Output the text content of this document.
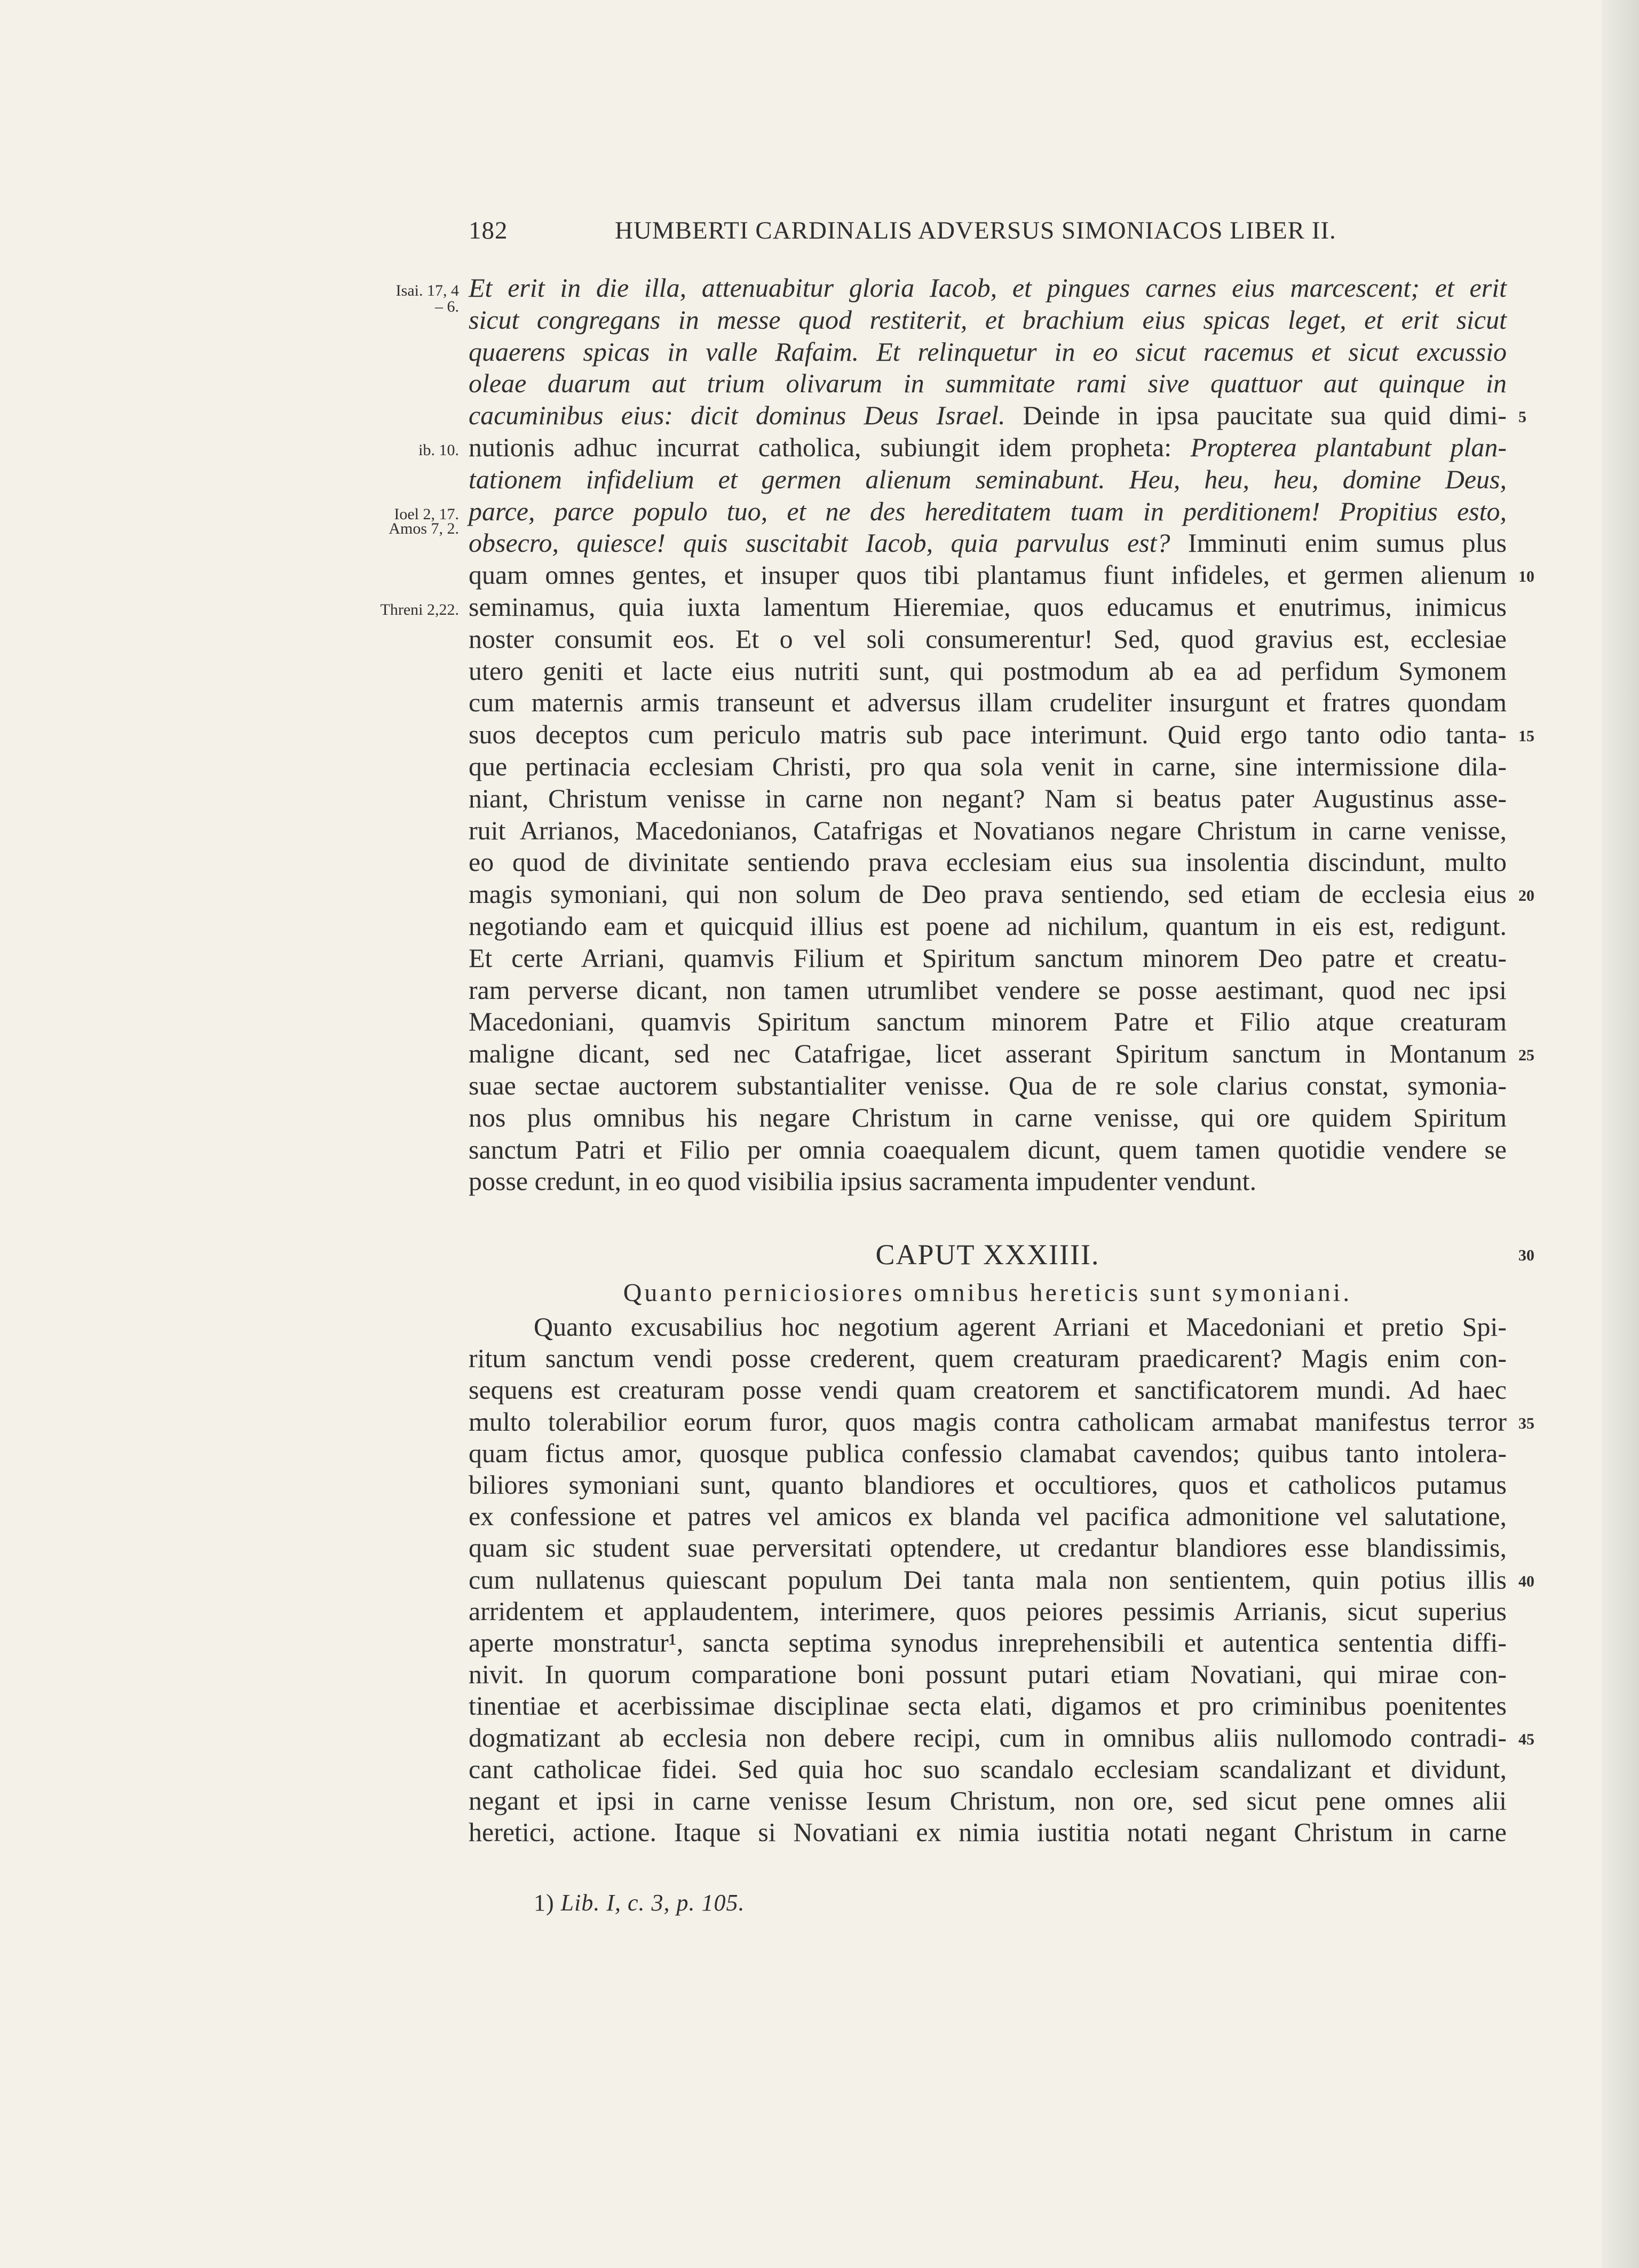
182	HUMBERTI CARDINALIS ADVERSUS SIMONIACOS LIBER II.
Et erit in die illa, attenuabitur gloria Iacob, et pingues carnes eius marcescent; et erit
sicut congregans in messe quod restiterit, et brachium eius spicas leget, et erit sicut
quaerens spicas in valle Rafaim. Et relinquetur in eo sicut racemus et sicut excussio
oleae duarum aut trium olivarum in summitate rami sive quattuor aut quinque in
cacuminibus eius: dicit dominus Deus Israel. Deinde in ipsa paucitate sua quid dimi-
nutionis adhuc incurrat catholica, subiungit idem propheta: Propterea plantabunt plan-
tationem infidelium et germen alienum seminabunt. Heu, heu, heu, domine Deus,
parce, parce populo tuo, et ne des hereditatem tuam in perditionem! Propitius esto,
obsecro, quiesce! quis suscitabit Iacob, quia parvulus est? Imminuti enim sumus plus
quam omnes gentes, et insuper quos tibi plantamus fiunt infideles, et germen alienum
seminamus, quia iuxta lamentum Hieremiae, quos educamus et enutrimus, inimicus
noster consumit eos. Et o vel soli consumerentur! Sed, quod gravius est, ecclesiae
utero geniti et lacte eius nutriti sunt, qui postmodum ab ea ad perfidum Symonem
cum maternis armis transeunt et adversus illam crudeliter insurgunt et fratres quondam
suos deceptos cum periculo matris sub pace interimunt. Quid ergo tanto odio tanta-
que pertinacia ecclesiam Christi, pro qua sola venit in carne, sine intermissione dila-
niant, Christum venisse in carne non negant? Nam si beatus pater Augustinus asse-
ruit Arrianos, Macedonianos, Catafrigas et Novatianos negare Christum in carne venisse,
eo quod de divinitate sentiendo prava ecclesiam eius sua insolentia discindunt, multo
magis symoniani, qui non solum de Deo prava sentiendo, sed etiam de ecclesia eius
negotiando eam et quicquid illius est poene ad nichilum, quantum in eis est, redigunt.
Et certe Arriani, quamvis Filium et Spiritum sanctum minorem Deo patre et creatu-
ram perverse dicant, non tamen utrumlibet vendere se posse aestimant, quod nec ipsi
Macedoniani, quamvis Spiritum sanctum minorem Patre et Filio atque creaturam
maligne dicant, sed nec Catafrigae, licet asserant Spiritum sanctum in Montanum
suae sectae auctorem substantialiter venisse. Qua de re sole clarius constat, symonia-
nos plus omnibus his negare Christum in carne venisse, qui ore quidem Spiritum
sanctum Patri et Filio per omnia coaequalem dicunt, quem tamen quotidie vendere se
posse credunt, in eo quod visibilia ipsius sacramenta impudenter vendunt.
CAPUT XXXIIII.
Quanto perniciosiores omnibus hereticis sunt symoniani.
Quanto excusabilius hoc negotium agerent Arriani et Macedoniani et pretio Spi-
ritum sanctum vendi posse crederent, quem creaturam praedicarent? Magis enim con-
sequens est creaturam posse vendi quam creatorem et sanctificatorem mundi. Ad haec
multo tolerabilior eorum furor, quos magis contra catholicam armabat manifestus terror
quam fictus amor, quosque publica confessio clamabat cavendos; quibus tanto intolera-
biliores symoniani sunt, quanto blandiores et occultiores, quos et catholicos putamus
ex confessione et patres vel amicos ex blanda vel pacifica admonitione vel salutatione,
quam sic student suae perversitati optendere, ut credantur blandiores esse blandissimis,
cum nullatenus quiescant populum Dei tanta mala non sentientem, quin potius illis
arridentem et applaudentem, interimere, quos peiores pessimis Arrianis, sicut superius
aperte monstratur¹, sancta septima synodus inreprehensibili et autentica sententia diffi-
nivit. In quorum comparatione boni possunt putari etiam Novatiani, qui mirae con-
tinentiae et acerbissimae disciplinae secta elati, digamos et pro criminibus poenitentes
dogmatizant ab ecclesia non debere recipi, cum in omnibus aliis nullomodo contradi-
cant catholicae fidei. Sed quia hoc suo scandalo ecclesiam scandalizant et dividunt,
negant et ipsi in carne venisse Iesum Christum, non ore, sed sicut pene omnes alii
heretici, actione. Itaque si Novatiani ex nimia iustitia notati negant Christum in carne
Isai. 17, 4
– 6.
ib. 10.
Ioel 2, 17.
Amos 7, 2.
Threni 2,22.
5
10
15
20
25
30
35
40
45
1) Lib. I, c. 3, p. 105.
